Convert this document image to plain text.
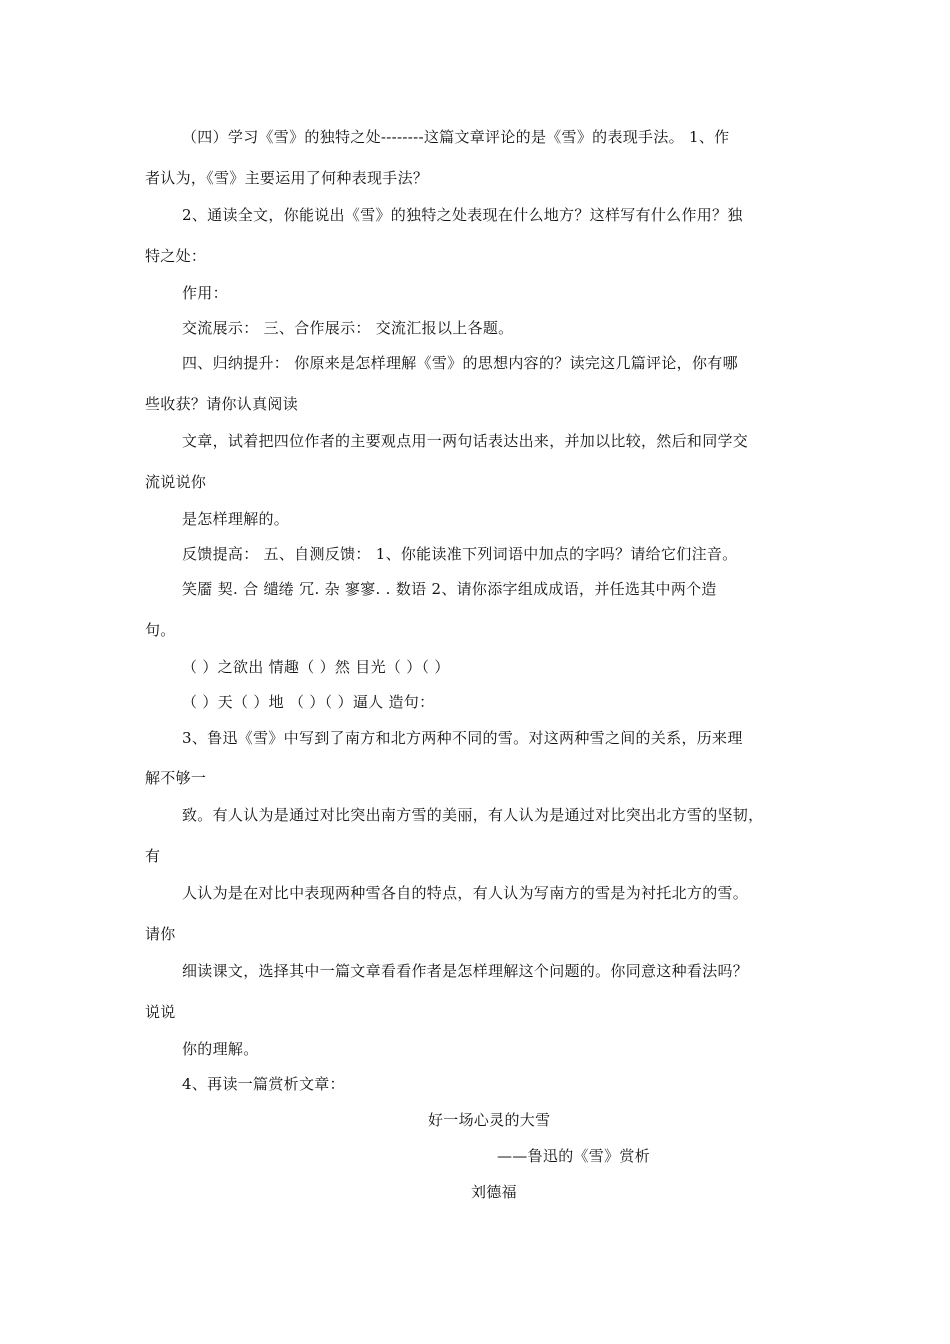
（四）学习《雪》的独特之处--------这篇文章评论的是《雪》的表现手法。 1、作
者认为，《雪》主要运用了何种表现手法？
2、通读全文，你能说出《雪》的独特之处表现在什么地方？这样写有什么作用？独
特之处：
作用：
交流展示： 三、合作展示： 交流汇报以上各题。
四、归纳提升： 你原来是怎样理解《雪》的思想内容的？读完这几篇评论，你有哪
些收获？请你认真阅读
文章，试着把四位作者的主要观点用一两句话表达出来，并加以比较，然后和同学交
流说说你
是怎样理解的。
反馈提高： 五、自测反馈： 1、你能读准下列词语中加点的字吗？请给它们注音。
笑靥 契. 合 缱绻 冗. 杂 寥寥. . 数语 2、请你添字组成成语，并任选其中两个造
句。
（ ）之欲出 情趣（ ）然 目光（ ）（ ）
（ ）天（ ）地 （ ）（ ）逼人 造句：
3、鲁迅《雪》中写到了南方和北方两种不同的雪。对这两种雪之间的关系，历来理
解不够一
致。有人认为是通过对比突出南方雪的美丽，有人认为是通过对比突出北方雪的坚韧，
有
人认为是在对比中表现两种雪各自的特点，有人认为写南方的雪是为衬托北方的雪。
请你
细读课文，选择其中一篇文章看看作者是怎样理解这个问题的。你同意这种看法吗？
说说
你的理解。
4、再读一篇赏析文章：
好一场心灵的大雪
——鲁迅的《雪》赏析
刘德福
